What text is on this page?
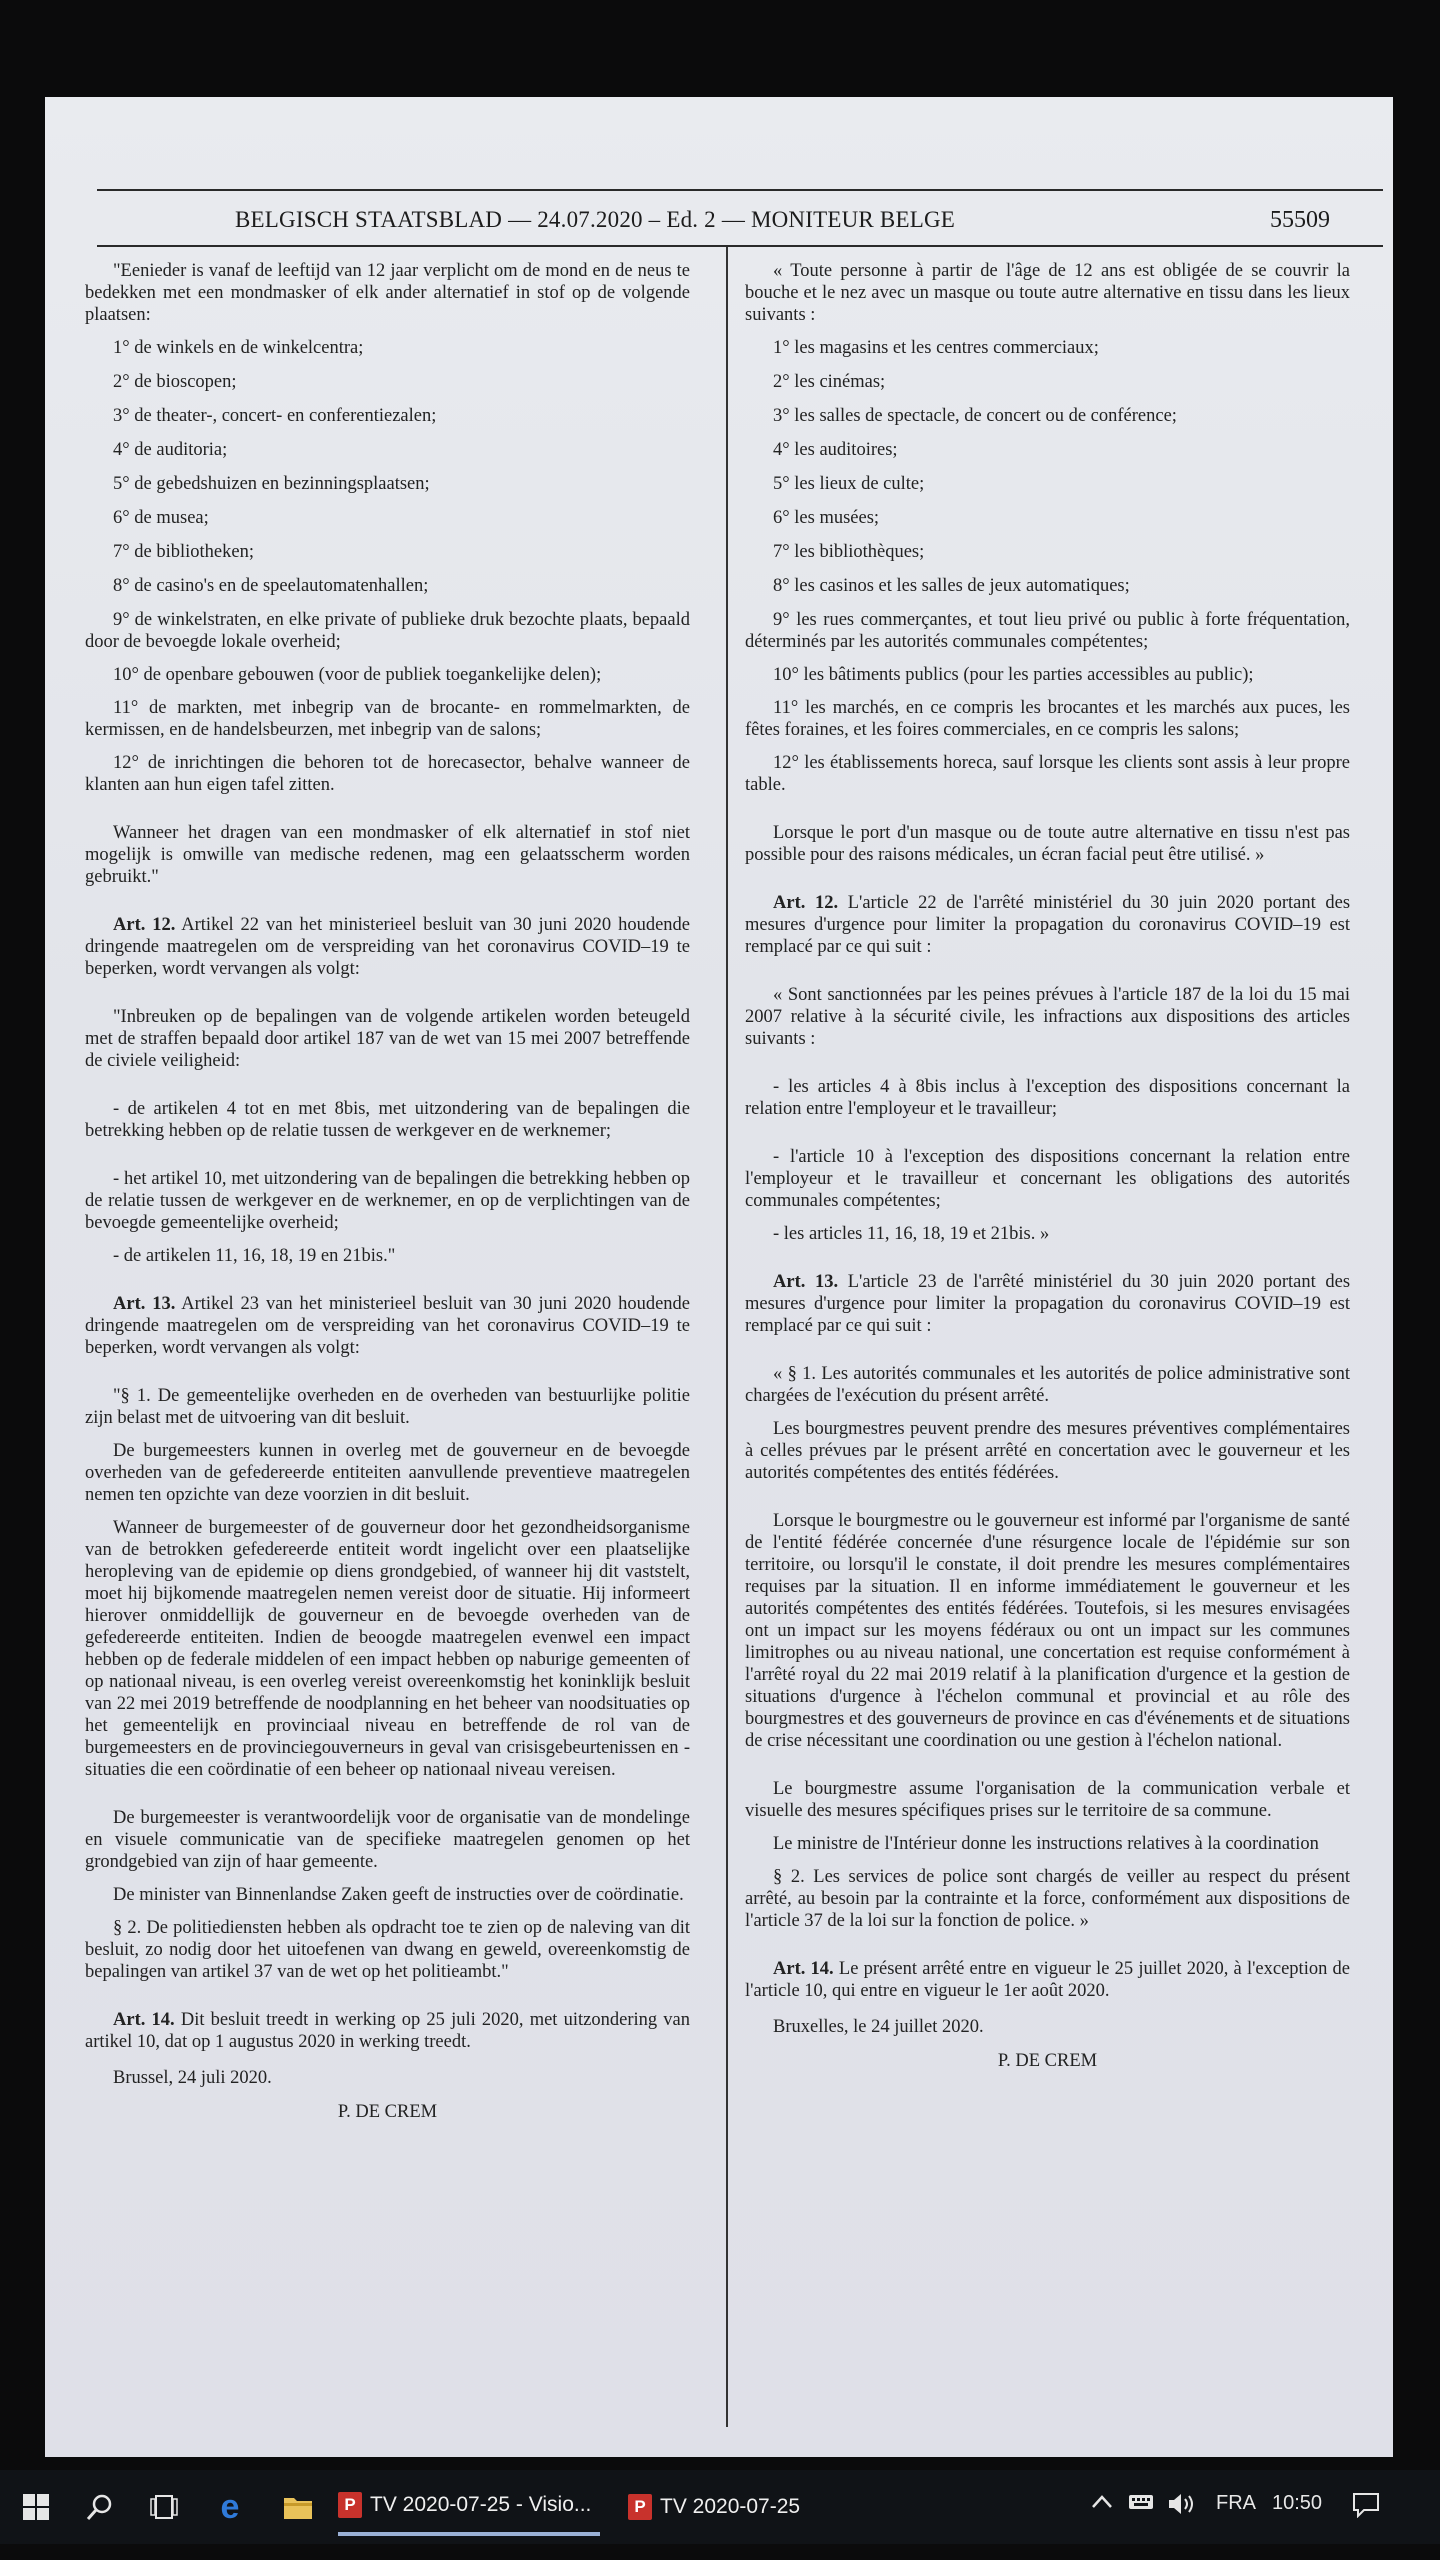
BELGISCH STAATSBLAD — 24.07.2020 – Ed. 2 — MONITEUR BELGE	55509

"Eenieder is vanaf de leeftijd van 12 jaar verplicht om de mond en de neus te bedekken met een mondmasker of elk ander alternatief in stof op de volgende plaatsen:

1° de winkels en de winkelcentra;

2° de bioscopen;

3° de theater-, concert- en conferentiezalen;

4° de auditoria;

5° de gebedshuizen en bezinningsplaatsen;

6° de musea;

7° de bibliotheken;

8° de casino's en de speelautomatenhallen;

9° de winkelstraten, en elke private of publieke druk bezochte plaats, bepaald door de bevoegde lokale overheid;

10° de openbare gebouwen (voor de publiek toegankelijke delen);

11° de markten, met inbegrip van de brocante- en rommelmarkten, de kermissen, en de handelsbeurzen, met inbegrip van de salons;

12° de inrichtingen die behoren tot de horecasector, behalve wanneer de klanten aan hun eigen tafel zitten.

Wanneer het dragen van een mondmasker of elk alternatief in stof niet mogelijk is omwille van medische redenen, mag een gelaatsscherm worden gebruikt."

Art. 12. Artikel 22 van het ministerieel besluit van 30 juni 2020 houdende dringende maatregelen om de verspreiding van het coronavirus COVID–19 te beperken, wordt vervangen als volgt:

"Inbreuken op de bepalingen van de volgende artikelen worden beteugeld met de straffen bepaald door artikel 187 van de wet van 15 mei 2007 betreffende de civiele veiligheid:

- de artikelen 4 tot en met 8bis, met uitzondering van de bepalingen die betrekking hebben op de relatie tussen de werkgever en de werknemer;

- het artikel 10, met uitzondering van de bepalingen die betrekking hebben op de relatie tussen de werkgever en de werknemer, en op de verplichtingen van de bevoegde gemeentelijke overheid;

- de artikelen 11, 16, 18, 19 en 21bis."

Art. 13. Artikel 23 van het ministerieel besluit van 30 juni 2020 houdende dringende maatregelen om de verspreiding van het coronavirus COVID–19 te beperken, wordt vervangen als volgt:

"§ 1. De gemeentelijke overheden en de overheden van bestuurlijke politie zijn belast met de uitvoering van dit besluit.

De burgemeesters kunnen in overleg met de gouverneur en de bevoegde overheden van de gefedereerde entiteiten aanvullende preventieve maatregelen nemen ten opzichte van deze voorzien in dit besluit.

Wanneer de burgemeester of de gouverneur door het gezondheidsorganisme van de betrokken gefedereerde entiteit wordt ingelicht over een plaatselijke heropleving van de epidemie op diens grondgebied, of wanneer hij dit vaststelt, moet hij bijkomende maatregelen nemen vereist door de situatie. Hij informeert hierover onmiddellijk de gouverneur en de bevoegde overheden van de gefedereerde entiteiten. Indien de beoogde maatregelen evenwel een impact hebben op de federale middelen of een impact hebben op naburige gemeenten of op nationaal niveau, is een overleg vereist overeenkomstig het koninklijk besluit van 22 mei 2019 betreffende de noodplanning en het beheer van noodsituaties op het gemeentelijk en provinciaal niveau en betreffende de rol van de burgemeesters en de provinciegouverneurs in geval van crisisgebeurtenissen en -situaties die een coördinatie of een beheer op nationaal niveau vereisen.

De burgemeester is verantwoordelijk voor de organisatie van de mondelinge en visuele communicatie van de specifieke maatregelen genomen op het grondgebied van zijn of haar gemeente.

De minister van Binnenlandse Zaken geeft de instructies over de coördinatie.

§ 2. De politiediensten hebben als opdracht toe te zien op de naleving van dit besluit, zo nodig door het uitoefenen van dwang en geweld, overeenkomstig de bepalingen van artikel 37 van de wet op het politieambt."

Art. 14. Dit besluit treedt in werking op 25 juli 2020, met uitzondering van artikel 10, dat op 1 augustus 2020 in werking treedt.

Brussel, 24 juli 2020.

P. DE CREM

« Toute personne à partir de l'âge de 12 ans est obligée de se couvrir la bouche et le nez avec un masque ou toute autre alternative en tissu dans les lieux suivants :

1° les magasins et les centres commerciaux;

2° les cinémas;

3° les salles de spectacle, de concert ou de conférence;

4° les auditoires;

5° les lieux de culte;

6° les musées;

7° les bibliothèques;

8° les casinos et les salles de jeux automatiques;

9° les rues commerçantes, et tout lieu privé ou public à forte fréquentation, déterminés par les autorités communales compétentes;

10° les bâtiments publics (pour les parties accessibles au public);

11° les marchés, en ce compris les brocantes et les marchés aux puces, les fêtes foraines, et les foires commerciales, en ce compris les salons;

12° les établissements horeca, sauf lorsque les clients sont assis à leur propre table.

Lorsque le port d'un masque ou de toute autre alternative en tissu n'est pas possible pour des raisons médicales, un écran facial peut être utilisé. »

Art. 12. L'article 22 de l'arrêté ministériel du 30 juin 2020 portant des mesures d'urgence pour limiter la propagation du coronavirus COVID–19 est remplacé par ce qui suit :

« Sont sanctionnées par les peines prévues à l'article 187 de la loi du 15 mai 2007 relative à la sécurité civile, les infractions aux dispositions des articles suivants :

- les articles 4 à 8bis inclus à l'exception des dispositions concernant la relation entre l'employeur et le travailleur;

- l'article 10 à l'exception des dispositions concernant la relation entre l'employeur et le travailleur et concernant les obligations des autorités communales compétentes;

- les articles 11, 16, 18, 19 et 21bis. »

Art. 13. L'article 23 de l'arrêté ministériel du 30 juin 2020 portant des mesures d'urgence pour limiter la propagation du coronavirus COVID–19 est remplacé par ce qui suit :

« § 1. Les autorités communales et les autorités de police administrative sont chargées de l'exécution du présent arrêté.

Les bourgmestres peuvent prendre des mesures préventives complémentaires à celles prévues par le présent arrêté en concertation avec le gouverneur et les autorités compétentes des entités fédérées.

Lorsque le bourgmestre ou le gouverneur est informé par l'organisme de santé de l'entité fédérée concernée d'une résurgence locale de l'épidémie sur son territoire, ou lorsqu'il le constate, il doit prendre les mesures complémentaires requises par la situation. Il en informe immédiatement le gouverneur et les autorités compétentes des entités fédérées. Toutefois, si les mesures envisagées ont un impact sur les moyens fédéraux ou ont un impact sur les communes limitrophes ou au niveau national, une concertation est requise conformément à l'arrêté royal du 22 mai 2019 relatif à la planification d'urgence et la gestion de situations d'urgence à l'échelon communal et provincial et au rôle des bourgmestres et des gouverneurs de province en cas d'événements et de situations de crise nécessitant une coordination ou une gestion à l'échelon national.

Le bourgmestre assume l'organisation de la communication verbale et visuelle des mesures spécifiques prises sur le territoire de sa commune.

Le ministre de l'Intérieur donne les instructions relatives à la coordination

§ 2. Les services de police sont chargés de veiller au respect du présent arrêté, au besoin par la contrainte et la force, conformément aux dispositions de l'article 37 de la loi sur la fonction de police. »

Art. 14. Le présent arrêté entre en vigueur le 25 juillet 2020, à l'exception de l'article 10, qui entre en vigueur le 1er août 2020.

Bruxelles, le 24 juillet 2020.

P. DE CREM

e	P TV 2020-07-25 - Visio...	P TV 2020-07-25	FRA 10:50
